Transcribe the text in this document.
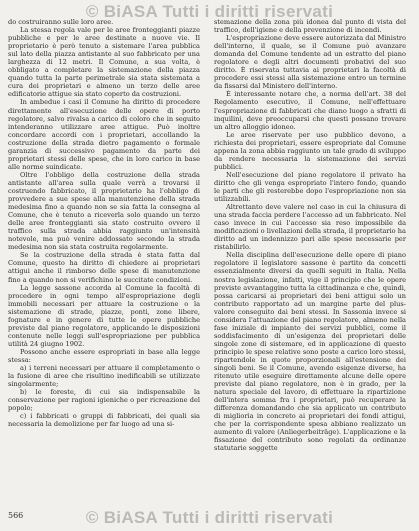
© BiASA Tutti i diritti riservati

do costruiranno sulle loro aree.

La stessa regola vale per le aree fronteggianti piazze pubbliche e per le aree destinate a nuove vie. Il proprietario è però tenuto a sistemare l'area pubblica sul lato della piazza antistante al suo fabbricato per una larghezza di 12 metri. Il Comune, a sua volta, è obbligato a completare la sistemazione della piazza quando tutta la parte perimetrale sia stata sistemata a cura dei proprietari e almeno un terzo delle aree edificatorie attigue sia stato coperto da costruzioni.

In ambedue i casi il Comune ha diritto di procedere direttamente all'esecuzione delle opere di porto regolatore, salvo rivalsa a carico di coloro che in seguito intenderanno utilizzare aree attigue. Può inoltre concordare accordi con i proprietari, accollando la costruzione della strada dietro pagamento o formale garanzia di successivo pagamento da parte dei proprietari stessi delle spese, che in loro carico in base alle norme suindicate.

Oltre l'obbligo della costruzione della strada antistante all'area sulla quale verrà a trovarsi il costruendo fabbricato, il proprietario ha l'obbligo di provvedere a sue spese alla manutenzione della strada medesima fino a quando non se sia fatta la consegna al Comune, che è tenuto a riceverla solo quando un terzo delle aree fronteggianti sia stato costruito ovvero il traffico sulla strada abbia raggiunto un'intensità notevole, ma può venire addossato secondo la strada medesima non sia stata costruita regolarmente.

Se la costruzione della strada è stata fatta dal Comune, questo ha diritto di chiedere ai proprietari attigui anche il rimborso delle spese di manutenzione fino a quando non si verifichino le succitate condizioni.

La legge sassone accorda al Comune la facoltà di procedere in ogni tempo all'espropriazione degli immobili necessari per attuare la costruzione o la sistemazione di strade, piazze, ponti, zone libere, fognature e in genere di tutte le opere pubbliche previste dal piano regolatore, applicando le disposizioni contenute nelle leggi sull'espropriazione per pubblica utilità 24 giugno 1902.

Possono anche essere espropriati in base alla legge stessa:

a) i terreni necessari per attuare il completamento o la fusione di aree che risultino inedificabili se utilizzate singolarmente;

b) le foreste, di cui sia indispensabile la conservazione per ragioni igieniche o per ricreazione del popolo;

c) i fabbricati o gruppi di fabbricati, dei quali sia necessaria la demolizione per far luogo ad una si-

stemazione della zona più idonea dal punto di vista del traffico, dell'igiene e della prevenzione di incendi.

L'espropriazione deve essere autorizzata dal Ministro dell'interno, il quale, se il Comune può avanzare domanda del Comune tendente ad un estratto del piano regolatore e degli altri documenti probativi del suo diritto. È riservata tuttavia ai proprietari la facoltà di procedere essi stessi alla sistemazione entro un termine da fissarsi dal Ministero dell'interno.

È interessante notare che, a norma dell'art. 38 del Regolamento esecutivo, il Comune, nell'effettuare l'espropriazione di fabbricati che diano luogo a sfratti di inquilini, deve preoccuparsi che questi possano trovare un altro alloggio idoneo.

Le aree riservate per uso pubblico devono, a richiesta dei proprietari, essere espropriate dal Comune appena la zona abbia raggiunto un tale grado di sviluppo da rendere necessaria la sistemazione dei servizi pubblici.

Nell'esecuzione del piano regolatore il privato ha diritto che gli venga espropriato l'intero fondo, quando le parti che gli resterebbe dopo l'espropriazione non sia utilizzabili.

Altrettanto deve valere nel caso in cui la chiusura di una strada faccia perdere l'accesso ad un fabbricato. Nel caso invece in cui l'accesso sia reso impossibile da modificazioni o livellazioni della strada, il proprietario ha diritto ad un indennizzo pari alle spese necessarie per ristabilirlo.

Nella disciplina dell'esecuzione delle opere di piano regolatore il legislatore sassone è partito da concetti essenzialmente diversi da quelli seguiti in Italia. Nella nostra legislazione, infatti, vige il principio che le opere previste avvantaggino tutta la cittadinanza e che, quindi, possa caricarsi ai proprietari dei beni attigui solo un contributo rapportato ad un margine parte del plus-valore conseguito dai beni stessi. In Sassonia invece si considera l'attuazione del piano regolatore, almeno nella fase iniziale di impianto dei servizi pubblici, come il soddisfacimento di un'esigenza dei proprietari delle singole zone di sistemare, ed in applicazione di questo principio le spese relative sono poste a carico loro stessi, ripartendole in quote proporzionali all'estensione dei singoli beni. Se il Comune, avendo esigenze diverse, ha ritenuto utile eseguire direttamente alcune delle opere previste dal piano regolatore, non è in grado, per la natura speciale del lavoro, di effettuare la ripartizione dell'intera somma fra i proprietari, può recuperare la differenza domandando che sia applicato un contributo di migliorìa in concreto ai proprietari dei fondi attigui, che per la corrispondente spesa abbiano realizzato un aumento di valore (Anliegerbeiträge). L'applicazione e la fissazione del contributo sono regolati da ordinanze statutarie soggette

566	© BiASA Tutti i diritti riservati
